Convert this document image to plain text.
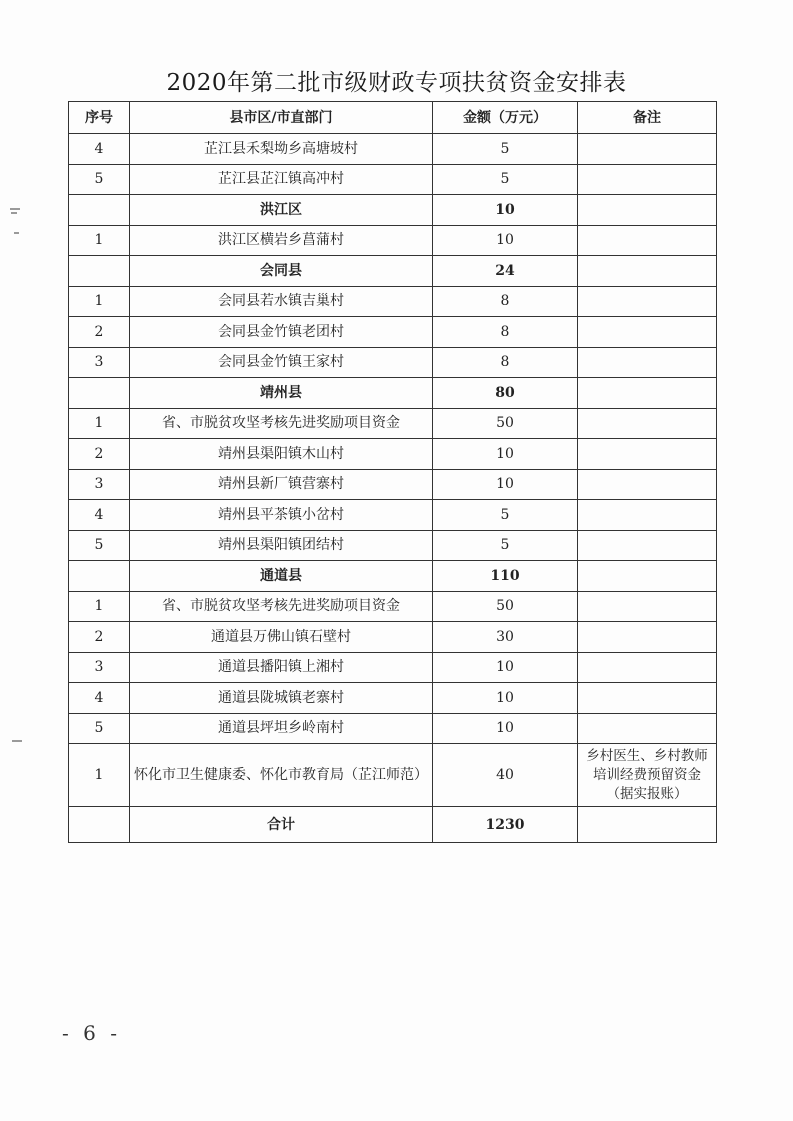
2020年第二批市级财政专项扶贫资金安排表
序号	县市区/市直部门	金额（万元）	备注
4	芷江县禾梨坳乡高塘坡村	5	
5	芷江县芷江镇高冲村	5	
	洪江区	10	
1	洪江区横岩乡菖蒲村	10	
	会同县	24	
1	会同县若水镇吉巢村	8	
2	会同县金竹镇老团村	8	
3	会同县金竹镇王家村	8	
	靖州县	80	
1	省、市脱贫攻坚考核先进奖励项目资金	50	
2	靖州县渠阳镇木山村	10	
3	靖州县新厂镇营寨村	10	
4	靖州县平茶镇小岔村	5	
5	靖州县渠阳镇团结村	5	
	通道县	110	
1	省、市脱贫攻坚考核先进奖励项目资金	50	
2	通道县万佛山镇石壁村	30	
3	通道县播阳镇上湘村	10	
4	通道县陇城镇老寨村	10	
5	通道县坪坦乡岭南村	10	
1	怀化市卫生健康委、怀化市教育局（芷江师范）	40	乡村医生、乡村教师培训经费预留资金（据实报账）
	合计	1230	
- 6 -
